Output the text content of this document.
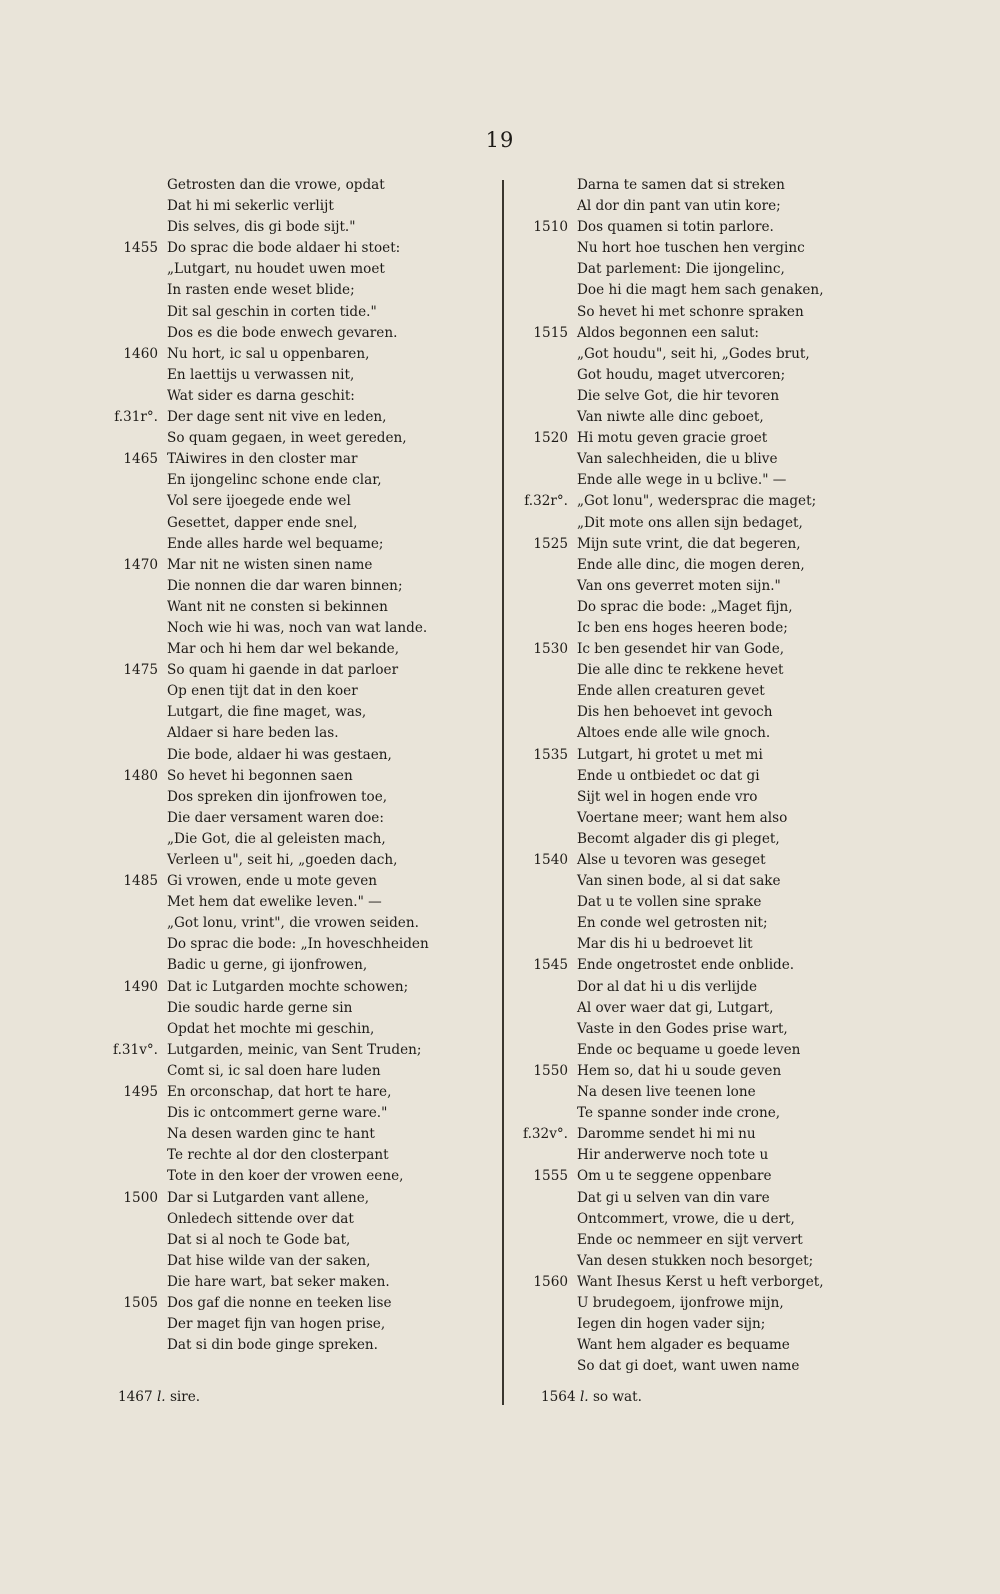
19
Getrosten dan die vrowe, opdat
Dat hi mi sekerlic verlijt
Dis selves, dis gi bode sijt."
1455 Do sprac die bode aldaer hi stoet:
„Lutgart, nu houdet uwen moet
In rasten ende weset blide;
Dit sal geschin in corten tide."
Dos es die bode enwech gevaren.
1460 Nu hort, ic sal u oppenbaren,
En laettijs u verwassen nit,
Wat sider es darna geschit:
f.31r°. Der dage sent nit vive en leden,
So quam gegaen, in weet gereden,
1465 TAiwires in den closter mar
En ijongelinc schone ende clar,
Vol sere ijoegede ende wel
Gesettet, dapper ende snel,
Ende alles harde wel bequame;
1470 Mar nit ne wisten sinen name
Die nonnen die dar waren binnen;
Want nit ne consten si bekinnen
Noch wie hi was, noch van wat lande.
Mar och hi hem dar wel bekande,
1475 So quam hi gaende in dat parloer
Op enen tijt dat in den koer
Lutgart, die fine maget, was,
Aldaer si hare beden las.
Die bode, aldaer hi was gestaen,
1480 So hevet hi begonnen saen
Dos spreken din ijonfrowen toe,
Die daer versament waren doe:
„Die Got, die al geleisten mach,
Verleen u", seit hi, „goeden dach,
1485 Gi vrowen, ende u mote geven
Met hem dat ewelike leven." —
„Got lonu, vrint", die vrowen seiden.
Do sprac die bode: „In hoveschheiden
Badic u gerne, gi ijonfrowen,
1490 Dat ic Lutgarden mochte schowen;
Die soudic harde gerne sin
Opdat het mochte mi geschin,
f.31v°. Lutgarden, meinic, van Sent Truden;
Comt si, ic sal doen hare luden
1495 En orconschap, dat hort te hare,
Dis ic ontcommert gerne ware."
Na desen warden ginc te hant
Te rechte al dor den closterpant
Tote in den koer der vrowen eene,
1500 Dar si Lutgarden vant allene,
Onledech sittende over dat
Dat si al noch te Gode bat,
Dat hise wilde van der saken,
Die hare wart, bat seker maken.
1505 Dos gaf die nonne en teeken lise
Der maget fijn van hogen prise,
Dat si din bode ginge spreken.
Darna te samen dat si streken
Al dor din pant van utin kore;
1510 Dos quamen si totin parlore.
Nu hort hoe tuschen hen verginc
Dat parlement: Die ijongelinc,
Doe hi die magt hem sach genaken,
So hevet hi met schonre spraken
1515 Aldos begonnen een salut:
„Got houdu", seit hi, „Godes brut,
Got houdu, maget utvercoren;
Die selve Got, die hir tevoren
Van niwte alle dinc geboet,
1520 Hi motu geven gracie groet
Van salechheiden, die u blive
Ende alle wege in u bclive." —
f.32r°. „Got lonu", wedersprac die maget;
„Dit mote ons allen sijn bedaget,
1525 Mijn sute vrint, die dat begeren,
Ende alle dinc, die mogen deren,
Van ons geverret moten sijn."
Do sprac die bode: „Maget fijn,
Ic ben ens hoges heeren bode;
1530 Ic ben gesendet hir van Gode,
Die alle dinc te rekkene hevet
Ende allen creaturen gevet
Dis hen behoevet int gevoch
Altoes ende alle wile gnoch.
1535 Lutgart, hi grotet u met mi
Ende u ontbiedet oc dat gi
Sijt wel in hogen ende vro
Voertane meer; want hem also
Becomt algader dis gi pleget,
1540 Alse u tevoren was geseget
Van sinen bode, al si dat sake
Dat u te vollen sine sprake
En conde wel getrosten nit;
Mar dis hi u bedroevet lit
1545 Ende ongetrostet ende onblide.
Dor al dat hi u dis verlijde
Al over waer dat gi, Lutgart,
Vaste in den Godes prise wart,
Ende oc bequame u goede leven
1550 Hem so, dat hi u soude geven
Na desen live teenen lone
Te spanne sonder inde crone,
f.32v°. Daromme sendet hi mi nu
Hir anderwerve noch tote u
1555 Om u te seggene oppenbare
Dat gi u selven van din vare
Ontcommert, vrowe, die u dert,
Ende oc nemmeer en sijt ververt
Van desen stukken noch besorget;
1560 Want Ihesus Kerst u heft verborget,
U brudegoem, ijonfrowe mijn,
Iegen din hogen vader sijn;
Want hem algader es bequame
So dat gi doet, want uwen name
1467 l. sire.	1564 l. so wat.
